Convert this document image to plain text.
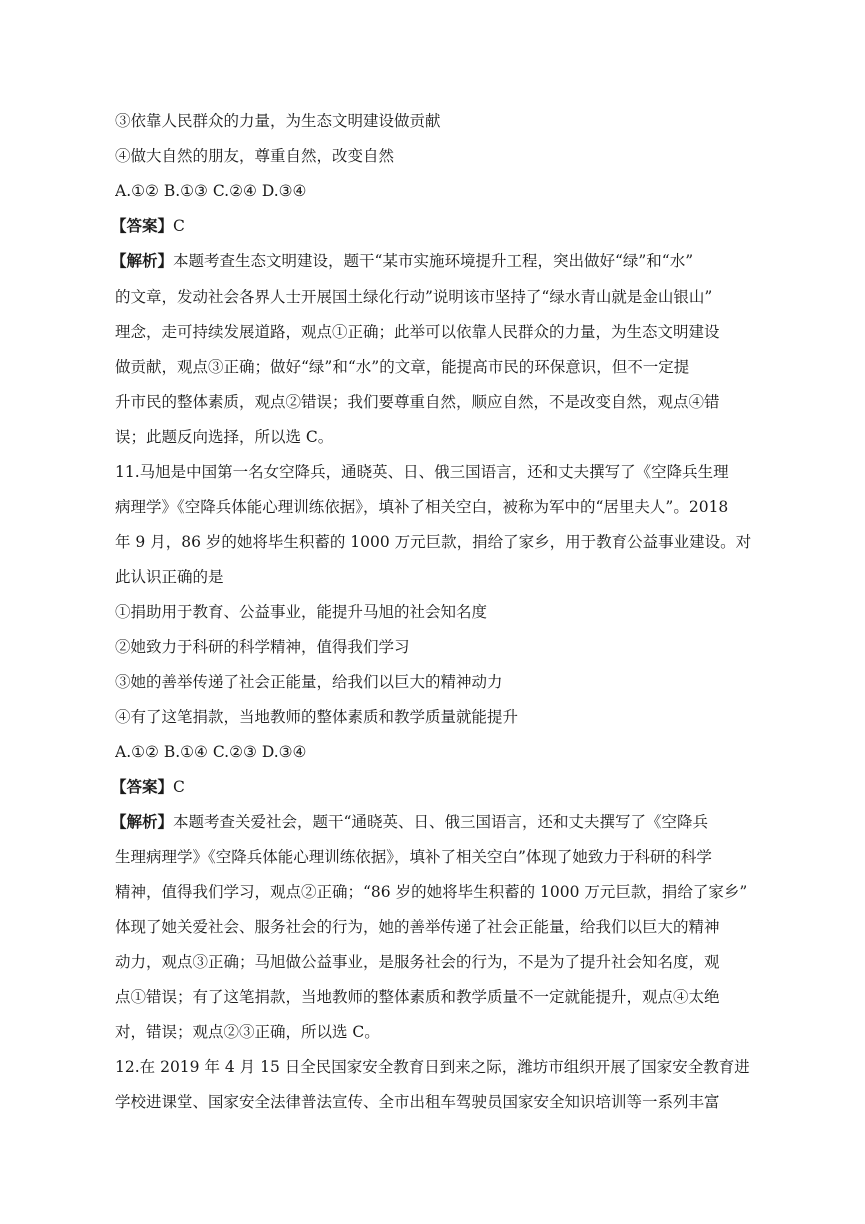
③依靠人民群众的力量，为生态文明建设做贡献
④做大自然的朋友，尊重自然，改变自然
A.①② B.①③ C.②④ D.③④
【答案】C
【解析】本题考查生态文明建设，题干“某市实施环境提升工程，突出做好“绿”和“水”
的文章，发动社会各界人士开展国土绿化行动”说明该市坚持了“绿水青山就是金山银山”
理念，走可持续发展道路，观点①正确；此举可以依靠人民群众的力量，为生态文明建设
做贡献，观点③正确；做好“绿”和“水”的文章，能提高市民的环保意识，但不一定提
升市民的整体素质，观点②错误；我们要尊重自然，顺应自然，不是改变自然，观点④错
误；此题反向选择，所以选 C。
11.马旭是中国第一名女空降兵，通晓英、日、俄三国语言，还和丈夫撰写了《空降兵生理
病理学》《空降兵体能心理训练依据》，填补了相关空白，被称为军中的“居里夫人”。2018
年 9 月，86 岁的她将毕生积蓄的 1000 万元巨款，捐给了家乡，用于教育公益事业建设。对
此认识正确的是
①捐助用于教育、公益事业，能提升马旭的社会知名度
②她致力于科研的科学精神，值得我们学习
③她的善举传递了社会正能量，给我们以巨大的精神动力
④有了这笔捐款，当地教师的整体素质和教学质量就能提升
A.①② B.①④ C.②③ D.③④
【答案】C
【解析】本题考查关爱社会，题干“通晓英、日、俄三国语言，还和丈夫撰写了《空降兵
生理病理学》《空降兵体能心理训练依据》，填补了相关空白”体现了她致力于科研的科学
精神，值得我们学习，观点②正确；“86 岁的她将毕生积蓄的 1000 万元巨款，捐给了家乡”
体现了她关爱社会、服务社会的行为，她的善举传递了社会正能量，给我们以巨大的精神
动力，观点③正确；马旭做公益事业，是服务社会的行为，不是为了提升社会知名度，观
点①错误；有了这笔捐款，当地教师的整体素质和教学质量不一定就能提升，观点④太绝
对，错误；观点②③正确，所以选 C。
12.在 2019 年 4 月 15 日全民国家安全教育日到来之际，潍坊市组织开展了国家安全教育进
学校进课堂、国家安全法律普法宣传、全市出租车驾驶员国家安全知识培训等一系列丰富
